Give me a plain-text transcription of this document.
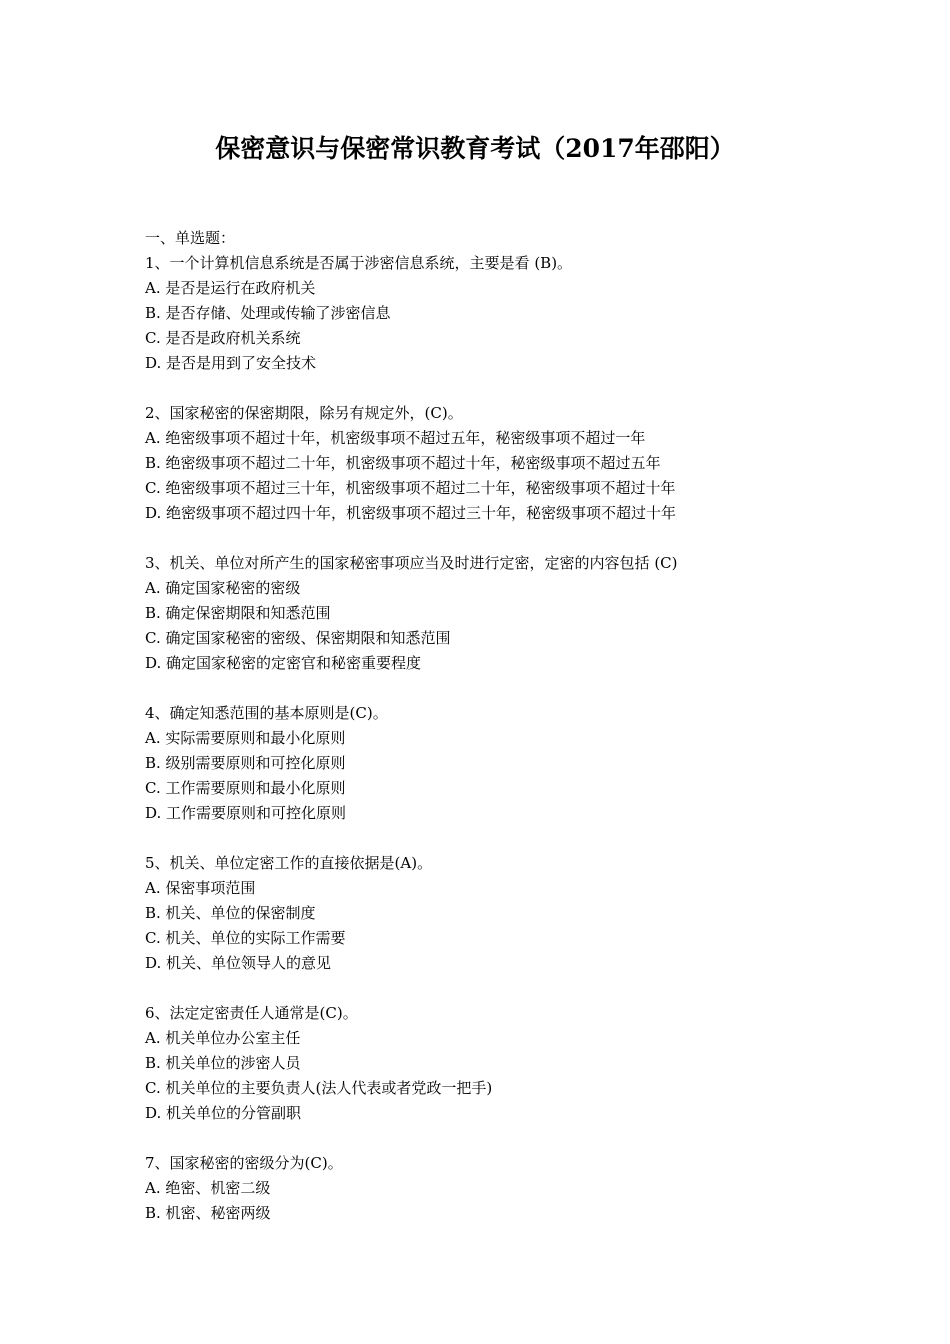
保密意识与保密常识教育考试（2017年邵阳）
一、单选题：
1、一个计算机信息系统是否属于涉密信息系统，主要是看 (B)。
A. 是否是运行在政府机关
B. 是否存储、处理或传输了涉密信息
C. 是否是政府机关系统
D. 是否是用到了安全技术
2、国家秘密的保密期限，除另有规定外，(C)。
A. 绝密级事项不超过十年，机密级事项不超过五年，秘密级事项不超过一年
B. 绝密级事项不超过二十年，机密级事项不超过十年，秘密级事项不超过五年
C. 绝密级事项不超过三十年，机密级事项不超过二十年，秘密级事项不超过十年
D. 绝密级事项不超过四十年，机密级事项不超过三十年，秘密级事项不超过十年
3、机关、单位对所产生的国家秘密事项应当及时进行定密，定密的内容包括 (C)
A. 确定国家秘密的密级
B. 确定保密期限和知悉范围
C. 确定国家秘密的密级、保密期限和知悉范围
D. 确定国家秘密的定密官和秘密重要程度
4、确定知悉范围的基本原则是(C)。
A. 实际需要原则和最小化原则
B. 级别需要原则和可控化原则
C. 工作需要原则和最小化原则
D. 工作需要原则和可控化原则
5、机关、单位定密工作的直接依据是(A)。
A. 保密事项范围
B. 机关、单位的保密制度
C. 机关、单位的实际工作需要
D. 机关、单位领导人的意见
6、法定定密责任人通常是(C)。
A. 机关单位办公室主任
B. 机关单位的涉密人员
C. 机关单位的主要负责人(法人代表或者党政一把手)
D. 机关单位的分管副职
7、国家秘密的密级分为(C)。
A. 绝密、机密二级
B. 机密、秘密两级
